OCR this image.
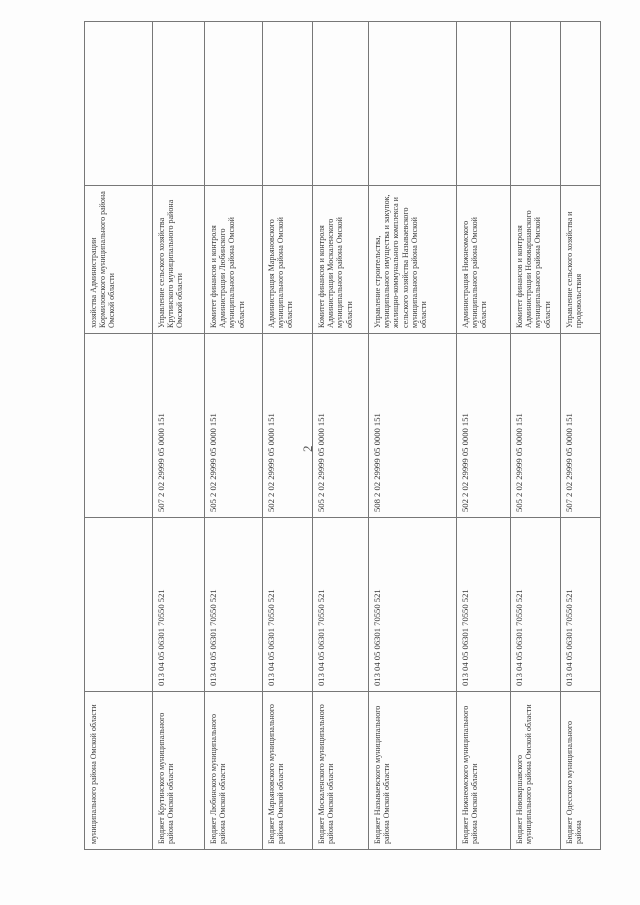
2
муниципального района Омской области			хозяйства Администрации Кормиловского муниципального района Омской области	
Бюджет Крутинского муниципального района Омской области	013 04 05 06301 70550 521	507 2 02 29999 05 0000 151	Управление сельского хозяйства Крутинского муниципального района Омской области	
Бюджет Любинского муниципального района Омской области	013 04 05 06301 70550 521	505 2 02 29999 05 0000 151	Комитет финансов и контроля Администрации Любинского муниципального района Омской области	
Бюджет Марьяновского муниципального района Омской области	013 04 05 06301 70550 521	502 2 02 29999 05 0000 151	Администрация Марьяновского муниципального района Омской области	
Бюджет Москаленского муниципального района Омской области	013 04 05 06301 70550 521	505 2 02 29999 05 0000 151	Комитет финансов и контроля Администрации Москаленского муниципального района Омской области	
Бюджет Называевского муниципального района Омской области	013 04 05 06301 70550 521	508 2 02 29999 05 0000 151	Управление строительства, муниципального имущества и закупок, жилищно-коммунального комплекса и сельского хозяйства Называевского муниципального района Омской области	
Бюджет Нижнеомского муниципального района Омской области	013 04 05 06301 70550 521	502 2 02 29999 05 0000 151	Администрация Нижнеомского муниципального района Омской области	
Бюджет Нововаршавского муниципального района Омской области	013 04 05 06301 70550 521	505 2 02 29999 05 0000 151	Комитет финансов и контроля Администрации Нововаршавского муниципального района Омской области	
Бюджет Одесского муниципального района	013 04 05 06301 70550 521	507 2 02 29999 05 0000 151	Управление сельского хозяйства и продовольствия	
